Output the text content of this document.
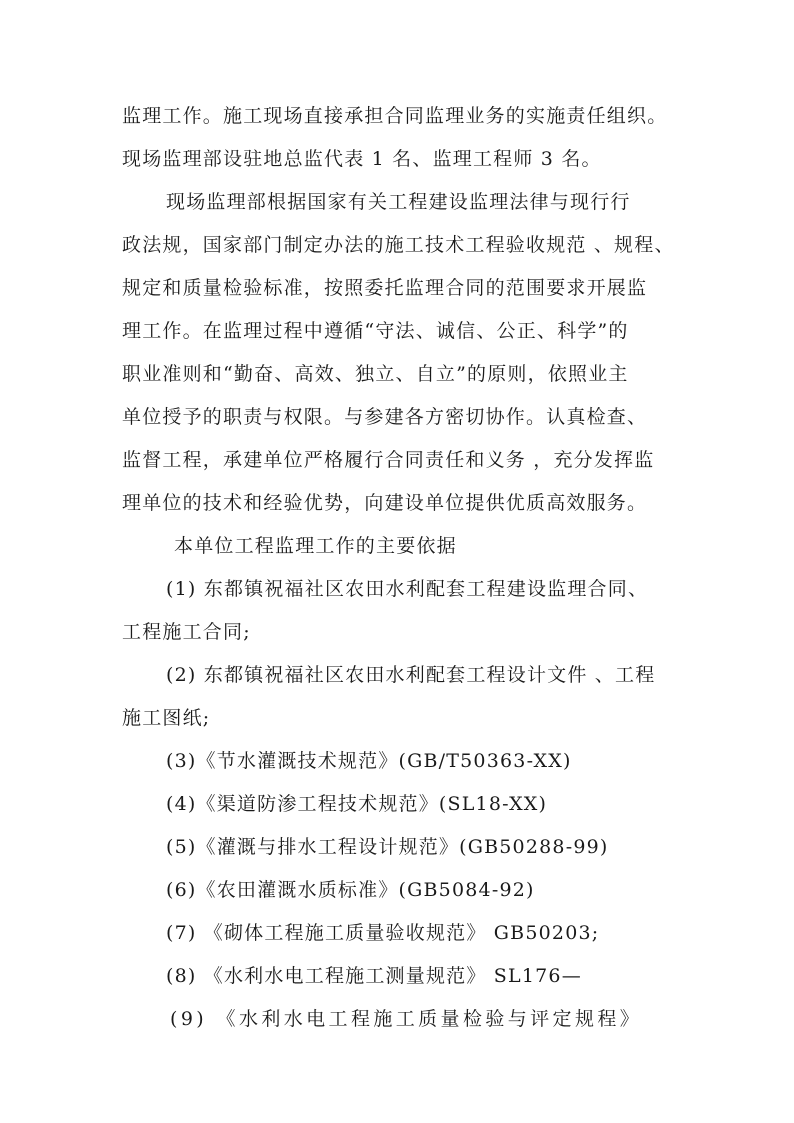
监理工作。施工现场直接承担合同监理业务的实施责任组织。
现场监理部设驻地总监代表 1 名、监理工程师 3 名。
现场监理部根据国家有关工程建设监理法律与现行行
政法规，国家部门制定办法的施工技术工程验收规范 、规程、
规定和质量检验标准，按照委托监理合同的范围要求开展监
理工作。在监理过程中遵循“守法、诚信、公正、科学”的
职业准则和“勤奋、高效、独立、自立”的原则，依照业主
单位授予的职责与权限。与参建各方密切协作。认真检查、
监督工程，承建单位严格履行合同责任和义务 ，充分发挥监
理单位的技术和经验优势，向建设单位提供优质高效服务。
本单位工程监理工作的主要依据
(1) 东都镇祝福社区农田水利配套工程建设监理合同、
工程施工合同;
(2) 东都镇祝福社区农田水利配套工程设计文件 、工程
施工图纸;
(3)《节水灌溉技术规范》(GB/T50363-XX)
(4)《渠道防渗工程技术规范》(SL18-XX)
(5)《灌溉与排水工程设计规范》(GB50288-99)
(6)《农田灌溉水质标准》(GB5084-92)
(7) 《砌体工程施工质量验收规范》 GB50203;
(8) 《水利水电工程施工测量规范》 SL176—
(9) 《水利水电工程施工质量检验与评定规程》
